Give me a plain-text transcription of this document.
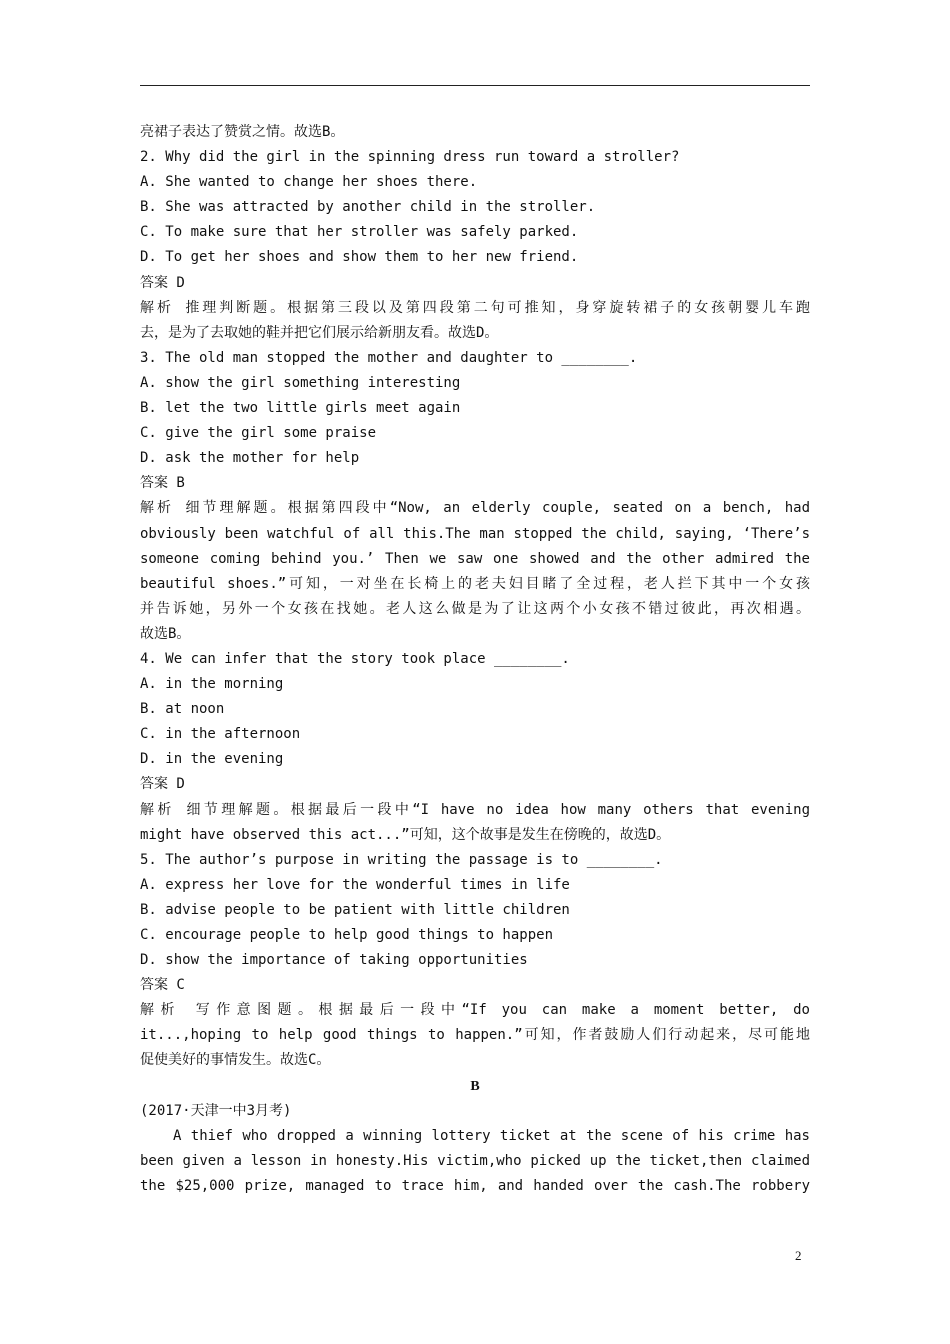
亮裙子表达了赞赏之情。故选B。
2. Why did the girl in the spinning dress run toward a stroller?
A. She wanted to change her shoes there.
B. She was attracted by another child in the stroller.
C. To make sure that her stroller was safely parked.
D. To get her shoes and show them to her new friend.
答案 D
解析 推理判断题。根据第三段以及第四段第二句可推知，身穿旋转裙子的女孩朝婴儿车跑
去，是为了去取她的鞋并把它们展示给新朋友看。故选D。
3. The old man stopped the mother and daughter to ________.
A. show the girl something interesting
B. let the two little girls meet again
C. give the girl some praise
D. ask the mother for help
答案 B
解析 细节理解题。根据第四段中“Now, an elderly couple, seated on a bench, had
obviously been watchful of all this.The man stopped the child, saying, ‘There’s
someone coming behind you.’ Then we saw one showed and the other admired the
beautiful shoes.”可知，一对坐在长椅上的老夫妇目睹了全过程，老人拦下其中一个女孩
并告诉她，另外一个女孩在找她。老人这么做是为了让这两个小女孩不错过彼此，再次相遇。
故选B。
4. We can infer that the story took place ________.
A. in the morning
B. at noon
C. in the afternoon
D. in the evening
答案 D
解析 细节理解题。根据最后一段中“I have no idea how many others that evening
might have observed this act...”可知，这个故事是发生在傍晚的，故选D。
5. The author’s purpose in writing the passage is to ________.
A. express her love for the wonderful times in life
B. advise people to be patient with little children
C. encourage people to help good things to happen
D. show the importance of taking opportunities
答案 C
解析 写作意图题。根据最后一段中“If you can make a moment better, do
it...,hoping to help good things to happen.”可知，作者鼓励人们行动起来，尽可能地
促使美好的事情发生。故选C。
B
(2017·天津一中3月考)
A thief who dropped a winning lottery ticket at the scene of his crime has
been given a lesson in honesty.His victim,who picked up the ticket,then claimed
the $25,000 prize, managed to trace him, and handed over the cash.The robbery
2
